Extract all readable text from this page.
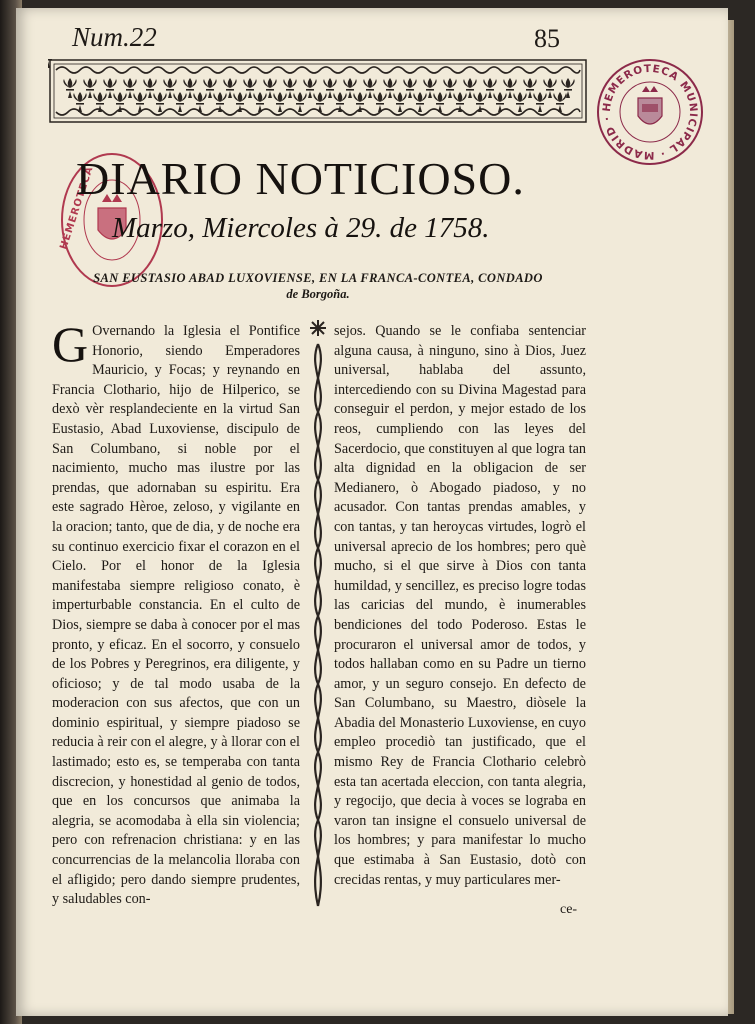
Num.22	85
HEMEROTECA MUNICIPAL · MADRID ·
HEMEROTECA
DIARIO NOTICIOSO.
Marzo, Miercoles à 29. de 1758.
SAN EUSTASIO ABAD LUXOVIENSE, EN LA FRANCA-CONTEA, CONDADO
de Borgoña.
G Overnando la Iglesia el Pontifice Honorio, siendo Emperadores Mauricio, y Focas; y reynando en Francia Clothario, hijo de Hilperico, se dexò vèr resplandeciente en la virtud San Eustasio, Abad Luxoviense, discipulo de San Columbano, si noble por el nacimiento, mucho mas ilustre por las prendas, que adornaban su espiritu. Era este sagrado Hèroe, zeloso, y vigilante en la oracion; tanto, que de dia, y de noche era su continuo exercicio fixar el corazon en el Cielo. Por el honor de la Iglesia manifestaba siempre religioso conato, è imperturbable constancia. En el culto de Dios, siempre se daba à conocer por el mas pronto, y eficaz. En el socorro, y consuelo de los Pobres y Peregrinos, era diligente, y oficioso; y de tal modo usaba de la moderacion con sus afectos, que con un dominio espiritual, y siempre piadoso se reducia à reir con el alegre, y à llorar con el lastimado; esto es, se temperaba con tanta discrecion, y honestidad al genio de todos, que en los concursos que animaba la alegria, se acomodaba à ella sin violencia; pero con refrenacion christiana: y en las concurrencias de la melancolia lloraba con el afligido; pero dando siempre prudentes, y saludables con-

sejos. Quando se le confiaba sentenciar alguna causa, à ninguno, sino à Dios, Juez universal, hablaba del assunto, intercediendo con su Divina Magestad para conseguir el perdon, y mejor estado de los reos, cumpliendo con las leyes del Sacerdocio, que constituyen al que logra tan alta dignidad en la obligacion de ser Medianero, ò Abogado piadoso, y no acusador. Con tantas prendas amables, y con tantas, y tan heroycas virtudes, logrò el universal aprecio de los hombres; pero què mucho, si el que sirve à Dios con tanta humildad, y sencillez, es preciso logre todas las caricias del mundo, è inumerables bendiciones del todo Poderoso. Estas le procuraron el universal amor de todos, y todos hallaban como en su Padre un tierno amor, y un seguro consejo. En defecto de San Columbano, su Maestro, diòsele la Abadia del Monasterio Luxoviense, en cuyo empleo procediò tan justificado, que el mismo Rey de Francia Clothario celebrò esta tan acertada eleccion, con tanta alegria, y regocijo, que decia à voces se lograba en varon tan insigne el consuelo universal de los hombres; y para manifestar lo mucho que estimaba à San Eustasio, dotò con crecidas rentas, y muy particulares mer-

ce-
